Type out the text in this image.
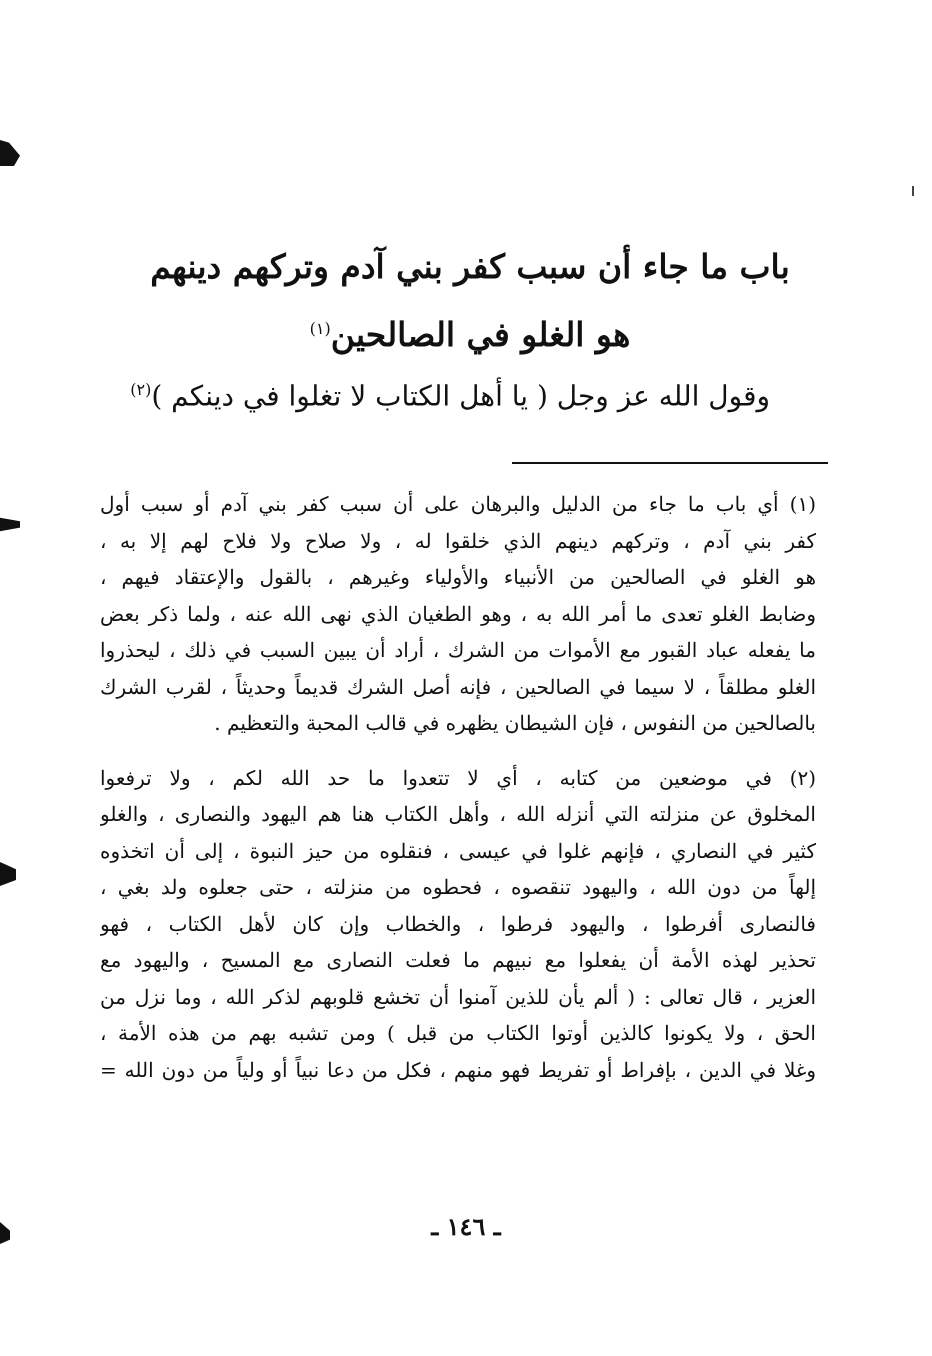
باب ما جاء أن سبب كفر بني آدم وتركهم دينهم
هو الغلو في الصالحين$^{(١)}$
وقول الله عز وجل ( يا أهل الكتاب لا تغلوا في دينكم )$^{(٢)}$
(١) أي باب ما جاء من الدليل والبرهان على أن سبب كفر بني آدم أو سبب أول
كفر بني آدم ، وتركهم دينهم الذي خلقوا له ، ولا صلاح ولا فلاح لهم إلا به ،
هو الغلو في الصالحين من الأنبياء والأولياء وغيرهم ، بالقول والإعتقاد فيهم ،
وضابط الغلو تعدى ما أمر الله به ، وهو الطغيان الذي نهى الله عنه ، ولما ذكر بعض
ما يفعله عباد القبور مع الأموات من الشرك ، أراد أن يبين السبب في ذلك ، ليحذروا
الغلو مطلقاً ، لا سيما في الصالحين ، فإنه أصل الشرك قديماً وحديثاً ، لقرب الشرك
بالصالحين من النفوس ، فإن الشيطان يظهره في قالب المحبة والتعظيم .
(٢) في موضعين من كتابه ، أي لا تتعدوا ما حد الله لكم ، ولا ترفعوا
المخلوق عن منزلته التي أنزله الله ، وأهل الكتاب هنا هم اليهود والنصارى ، والغلو
كثير في النصاري ، فإنهم غلوا في عيسى ، فنقلوه من حيز النبوة ، إلى أن اتخذوه
إلهاً من دون الله ، واليهود تنقصوه ، فحطوه من منزلته ، حتى جعلوه ولد بغي ،
فالنصارى أفرطوا ، واليهود فرطوا ، والخطاب وإن كان لأهل الكتاب ، فهو
تحذير لهذه الأمة أن يفعلوا مع نبيهم ما فعلت النصارى مع المسيح ، واليهود مع
العزير ، قال تعالى : ( ألم يأن للذين آمنوا أن تخشع قلوبهم لذكر الله ، وما نزل من
الحق ، ولا يكونوا كالذين أوتوا الكتاب من قبل ) ومن تشبه بهم من هذه الأمة ،
وغلا في الدين ، بإفراط أو تفريط فهو منهم ، فكل من دعا نبياً أو ولياً من دون الله =
ـ ١٤٦ ـ
